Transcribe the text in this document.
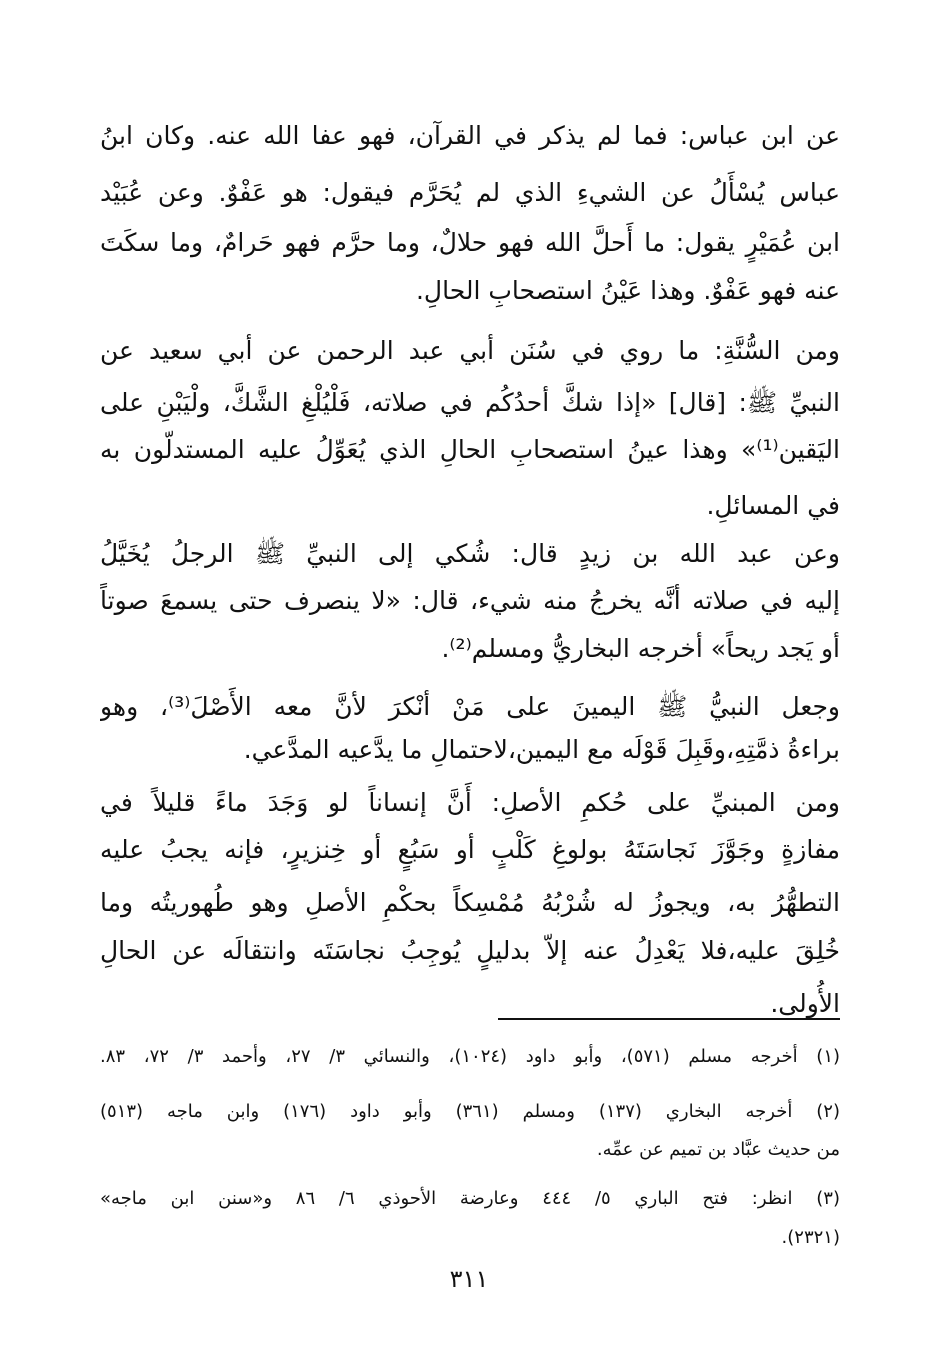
عن ابن عباس: فما لم يذكر في القرآن، فهو عفا الله عنه. وكان ابنُ
عباس يُسْأَلُ عن الشيءِ الذي لم يُحَرَّم فيقول: هو عَفْوٌ. وعن عُبَيْد
ابن عُمَيْرٍ يقول: ما أَحلَّ الله فهو حلالٌ، وما حرَّم فهو حَرامٌ، وما سكَتَ
عنه فهو عَفْوٌ. وهذا عَيْنُ استصحابِ الحالِ.
ومن السُّنَّةِ: ما روي في سُنَن أبي عبد الرحمن عن أبي سعيد عن
النبيِّ ﷺ: [قال] «إذا شكَّ أحدُكُم في صلاته، فَلْيُلْغِ الشَّكَّ، ولْيَبْنِ على
اليَقين⁽¹⁾» وهذا عينُ استصحابِ الحالِ الذي يُعَوِّلُ عليه المستدلّون به
في المسائلِ.
وعن عبد الله بن زيدٍ قال: شُكي إلى النبيِّ ﷺ الرجلُ يُخَيَّلُ
إليه في صلاته أنَّه يخرجُ منه شيء، قال: «لا ينصرف حتى يسمعَ صوتاً
أو يَجد ريحاً» أخرجه البخاريُّ ومسلم⁽²⁾.
وجعل النبيُّ ﷺ اليمينَ على مَنْ أنْكرَ لأنَّ معه الأَصْلَ⁽³⁾، وهو
براءةُ ذمَّتِهِ،وقَبِلَ قَوْلَه مع اليمين،لاحتمالِ ما يدَّعيه المدَّعي.
ومن المبنيِّ على حُكمِ الأصلِ: أَنَّ إنساناً لو وَجَدَ ماءً قليلاً في
مفازةٍ وجَوَّزَ نَجاسَتَهُ بولوغِ كَلْبٍ أو سَبُعٍ أو خِنزيرٍ، فإنه يجبُ عليه
التطهُّرُ به، ويجوزُ له شُرْبُهُ مُمْسِكاً بحكْمِ الأصلِ وهو طُهوريتُه وما
خُلِقَ عليه،فلا يَعْدِلُ عنه إلاّ بدليلٍ يُوجِبُ نجاسَتَه وانتقالَه عن الحالِ
الأُولى.
(١) أخرجه مسلم (٥٧١)، وأبو داود (١٠٢٤)، والنسائي ٣/ ٢٧، وأحمد ٣/ ٧٢، ٨٣.
(٢) أخرجه البخاري (١٣٧) ومسلم (٣٦١) وأبو داود (١٧٦) وابن ماجه (٥١٣)
من حديث عبَّاد بن تميم عن عمِّه.
(٣) انظر: فتح الباري ٥/ ٤٤٤ وعارضة الأحوذي ٦/ ٨٦ و«سنن ابن ماجه»
(٢٣٢١).
٣١١
